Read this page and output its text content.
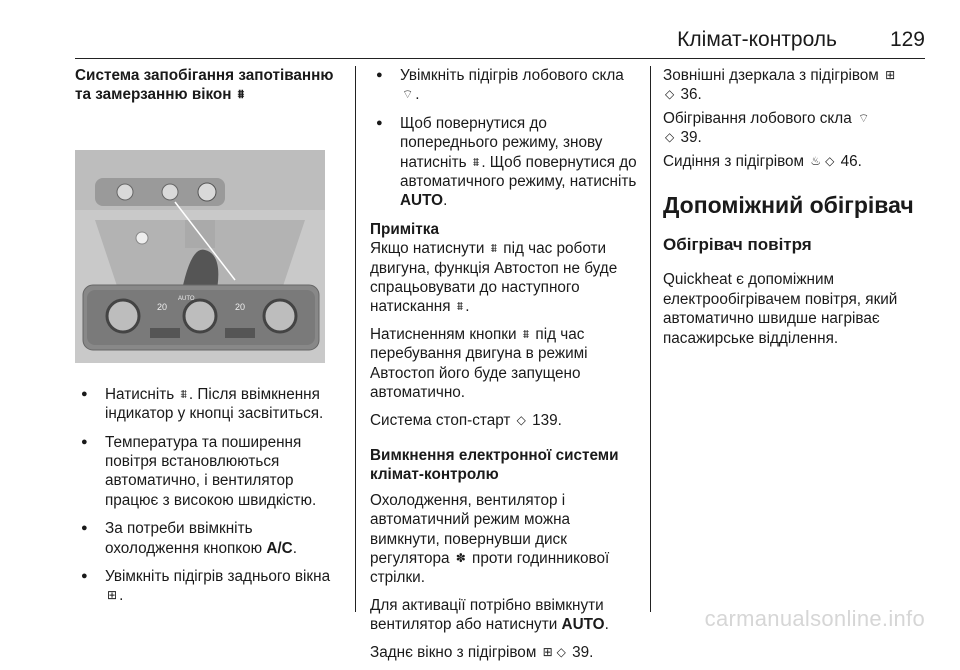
Клімат-контроль	129
Система запобігання запотіванню та замерзанню вікон ⩩
20	20
AUTO
● Натисніть ⩩ . Після ввімкнення індикатор у кнопці засвітиться.
● Температура та поширення повітря встановлюються автоматично, і вентилятор працює з високою швидкістю.
● За потреби ввімкніть охолодження кнопкою A/C.
● Увімкніть підігрів заднього вікна ⊞ .
● Увімкніть підігрів лобового скла ⌔ .
● Щоб повернутися до попереднього режиму, знову натисніть ⩩ . Щоб повернутися до автоматичного режиму, натисніть AUTO.
Примітка
Якщо натиснути ⩩ під час роботи двигуна, функція Автостоп не буде спрацьовувати до наступного натискання ⩩ .
Натисненням кнопки ⩩ під час перебування двигуна в режимі Автостоп його буде запущено автоматично.
Система стоп-старт ◇ 139.
Вимкнення електронної системи клімат-контролю
Охолодження, вентилятор і автоматичний режим можна вимкнути, повернувши диск регулятора ✽ проти годинникової стрілки.
Для активації потрібно ввімкнути вентилятор або натиснути AUTO.
Заднє вікно з підігрівом ⊞ ◇ 39.
Зовнішні дзеркала з підігрівом ⊞
◇ 36.
Обігрівання лобового скла ⌔
◇ 39.
Сидіння з підігрівом ♨ ◇ 46.
Допоміжний обігрівач
Обігрівач повітря
Quickheat є допоміжним електрообігрівачем повітря, який автоматично швидше нагріває пасажирське відділення.
carmanualsonline.info
